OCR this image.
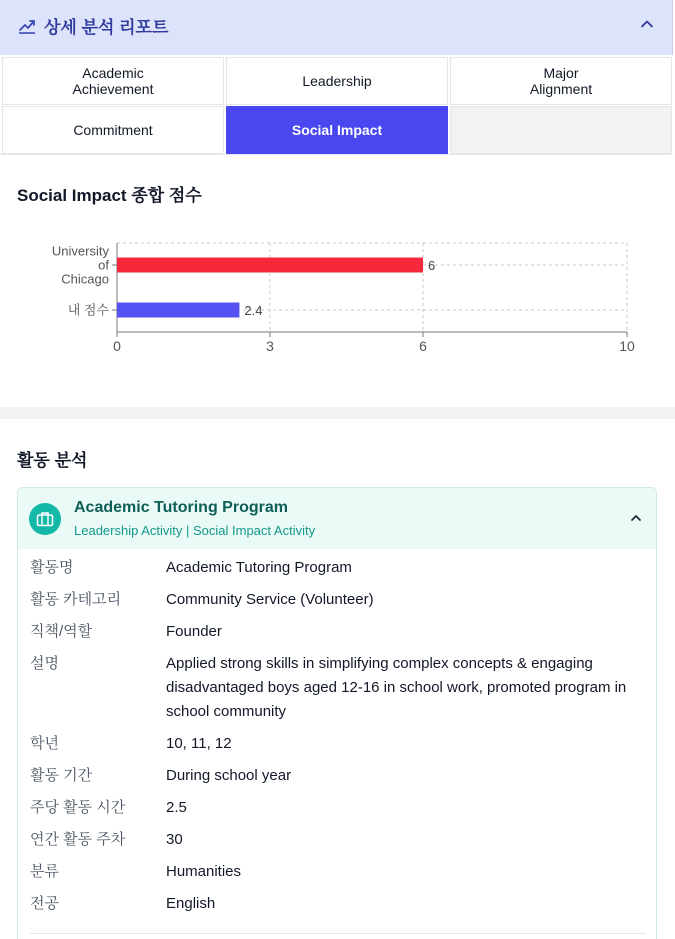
상세 분석 리포트
Academic
Achievement	Leadership	Major
Alignment
Commitment	Social Impact
Social Impact 종합 점수
0	3	6	10
University of Chicago
6
내 점수	2.4
활동 분석
Academic Tutoring Program
Leadership Activity | Social Impact Activity
활동명	Academic Tutoring Program
활동 카테고리	Community Service (Volunteer)
직책/역할	Founder
설명	Applied strong skills in simplifying complex concepts & engaging disadvantaged boys aged 12-16 in school work, promoted program in school community
학년	10, 11, 12
활동 기간	During school year
주당 활동 시간	2.5
연간 활동 주차	30
분류	Humanities
전공	English
